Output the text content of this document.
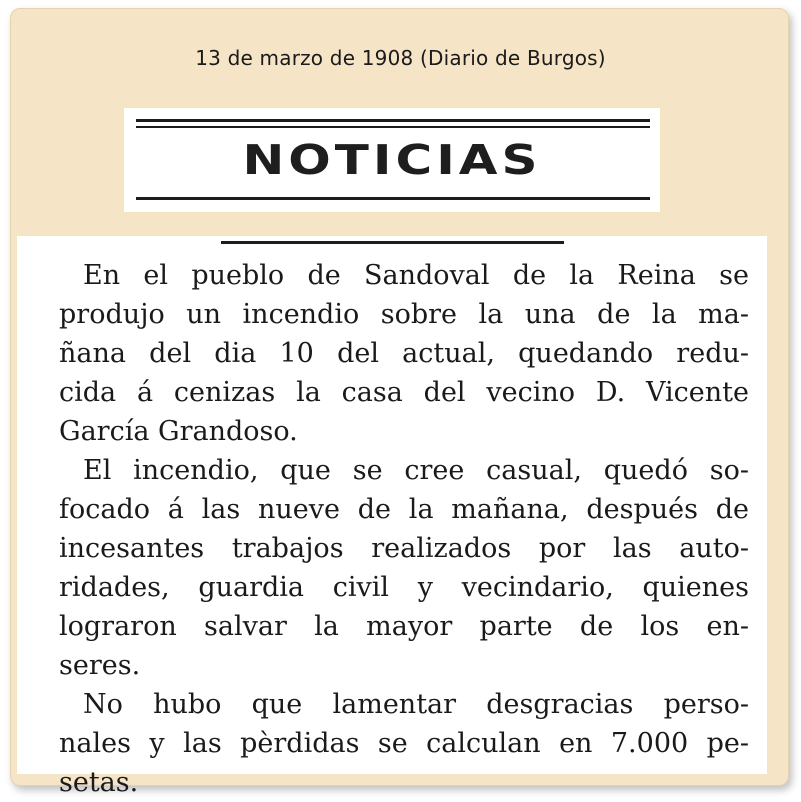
13 de marzo de 1908 (Diario de Burgos)
NOTICIAS
En el pueblo de Sandoval de la Reina se
produjo un incendio sobre la una de la ma-
ñana del dia 10 del actual, quedando redu-
cida á cenizas la casa del vecino D. Vicente
García Grandoso.
El incendio, que se cree casual, quedó so-
focado á las nueve de la mañana, después de
incesantes trabajos realizados por las auto-
ridades, guardia civil y vecindario, quienes
lograron salvar la mayor parte de los en-
seres.
No hubo que lamentar desgracias perso-
nales y las pèrdidas se calculan en 7.000 pe-
setas.
